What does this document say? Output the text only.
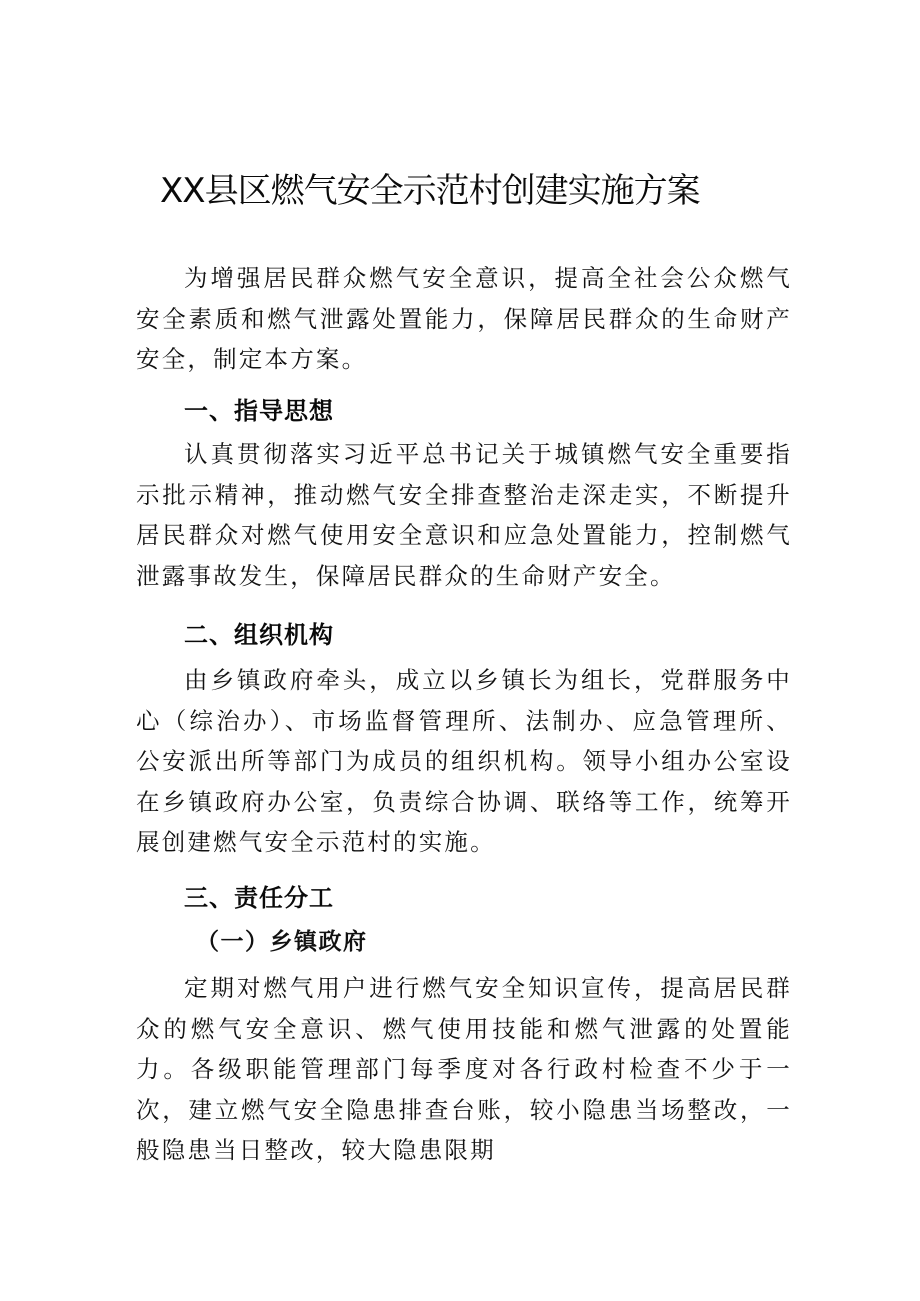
XX县区燃气安全示范村创建实施方案

为增强居民群众燃气安全意识，提高全社会公众燃气安全素质和燃气泄露处置能力，保障居民群众的生命财产安全，制定本方案。

一、指导思想

认真贯彻落实习近平总书记关于城镇燃气安全重要指示批示精神，推动燃气安全排查整治走深走实，不断提升居民群众对燃气使用安全意识和应急处置能力，控制燃气泄露事故发生，保障居民群众的生命财产安全。

二、组织机构

由乡镇政府牵头，成立以乡镇长为组长，党群服务中心（综治办）、市场监督管理所、法制办、应急管理所、公安派出所等部门为成员的组织机构。领导小组办公室设在乡镇政府办公室，负责综合协调、联络等工作，统筹开展创建燃气安全示范村的实施。

三、责任分工
（一）乡镇政府

定期对燃气用户进行燃气安全知识宣传，提高居民群众的燃气安全意识、燃气使用技能和燃气泄露的处置能力。各级职能管理部门每季度对各行政村检查不少于一次，建立燃气安全隐患排查台账，较小隐患当场整改，一般隐患当日整改，较大隐患限期
